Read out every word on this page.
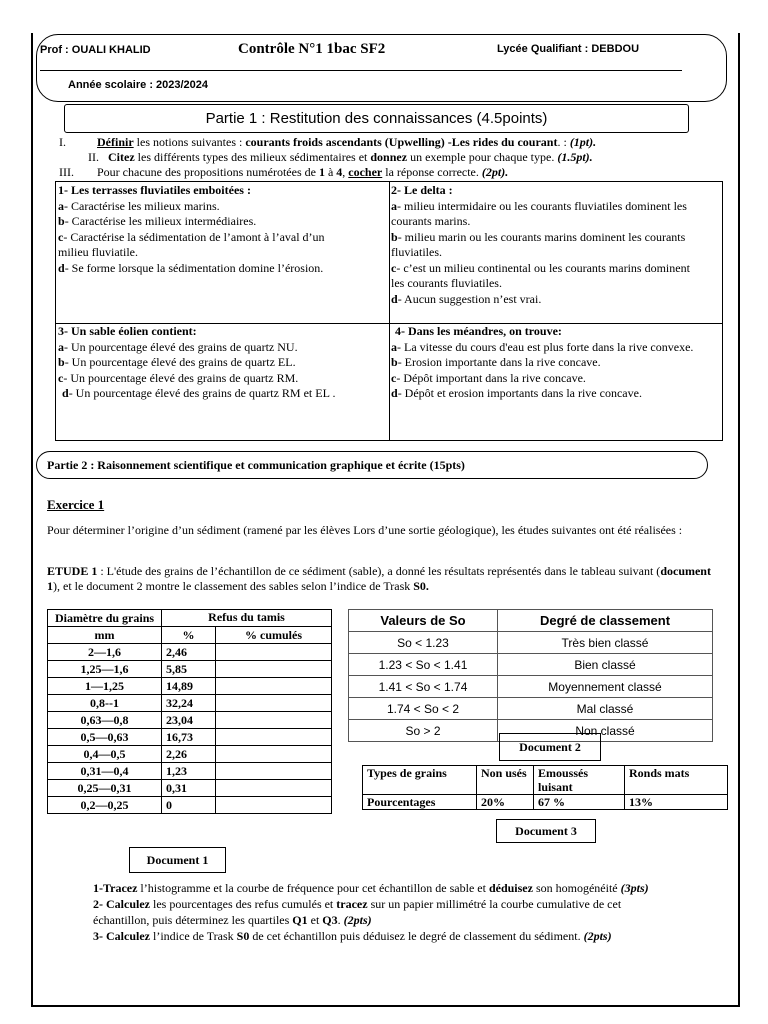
Prof : OUALI KHALID	Contrôle N°1 1bac SF2	Lycée Qualifiant : DEBDOU
Année scolaire : 2023/2024
Partie 1 : Restitution des connaissances (4.5points)
I.	Définir les notions suivantes : courants froids ascendants (Upwelling) -Les rides du courant. : (1pt).
II. Citez les différents types des milieux sédimentaires et donnez un exemple pour chaque type. (1.5pt).
III. Pour chacune des propositions numérotées de 1 à 4, cocher la réponse correcte. (2pt).
1- Les terrasses fluviatiles emboitées :
a- Caractérise les milieux marins.
b- Caractérise les milieux intermédiaires.
c- Caractérise la sédimentation de l’amont à l’aval d’un milieu fluviatile.
d- Se forme lorsque la sédimentation domine l’érosion.
2- Le delta :
a- milieu intermidaire ou les courants fluviatiles dominent les courants marins.
b- milieu marin ou les courants marins dominent les courants fluviatiles.
c- c’est un milieu continental ou les courants marins dominent les courants fluviatiles.
d- Aucun suggestion n’est vrai.
3- Un sable éolien contient:
a- Un pourcentage élevé des grains de quartz NU.
b- Un pourcentage élevé des grains de quartz EL.
c- Un pourcentage élevé des grains de quartz RM.
d- Un pourcentage élevé des grains de quartz RM et EL .
4- Dans les méandres, on trouve:
a- La vitesse du cours d'eau est plus forte dans la rive convexe.
b- Erosion importante dans la rive concave.
c- Dépôt important dans la rive concave.
d- Dépôt et erosion importants dans la rive concave.
Partie 2 : Raisonnement scientifique et communication graphique et écrite (15pts)
Exercice 1
Pour déterminer l’origine d’un sédiment (ramené par les élèves Lors d’une sortie géologique), les études suivantes ont été réalisées :
ETUDE 1 : L'étude des grains de l’échantillon de ce sédiment (sable), a donné les résultats représentés dans le tableau suivant (document 1), et le document 2 montre le classement des sables selon l’indice de Trask S0.
Diamètre du grains	Refus du tamis	
mm	%	% cumulés
2—1,6	2,46	
1,25—1,6	5,85	
1—1,25	14,89	
0,8--1	32,24	
0,63—0,8	23,04	
0,5—0,63	16,73	
0,4—0,5	2,26	
0,31—0,4	1,23	
0,25—0,31	0,31	
0,2—0,25	0	
Document 1
Valeurs de So	Degré de classement
So < 1.23	Très bien classé
1.23 < So < 1.41	Bien classé
1.41 < So < 1.74	Moyennement classé
1.74 < So < 2	Mal classé
So > 2	Non classé
Document 2
Types de grains	Non usés	Emoussés luisant	Ronds mats
Pourcentages	20%	67 %	13%
Document 3
1-Tracez l’histogramme et la courbe de fréquence pour cet échantillon de sable et déduisez son homogénéité (3pts)
2- Calculez les pourcentages des refus cumulés et tracez sur un papier millimétré la courbe cumulative de cet échantillon, puis déterminez les quartiles Q1 et Q3. (2pts)
3- Calculez l’indice de Trask S0 de cet échantillon puis déduisez le degré de classement du sédiment. (2pts)
